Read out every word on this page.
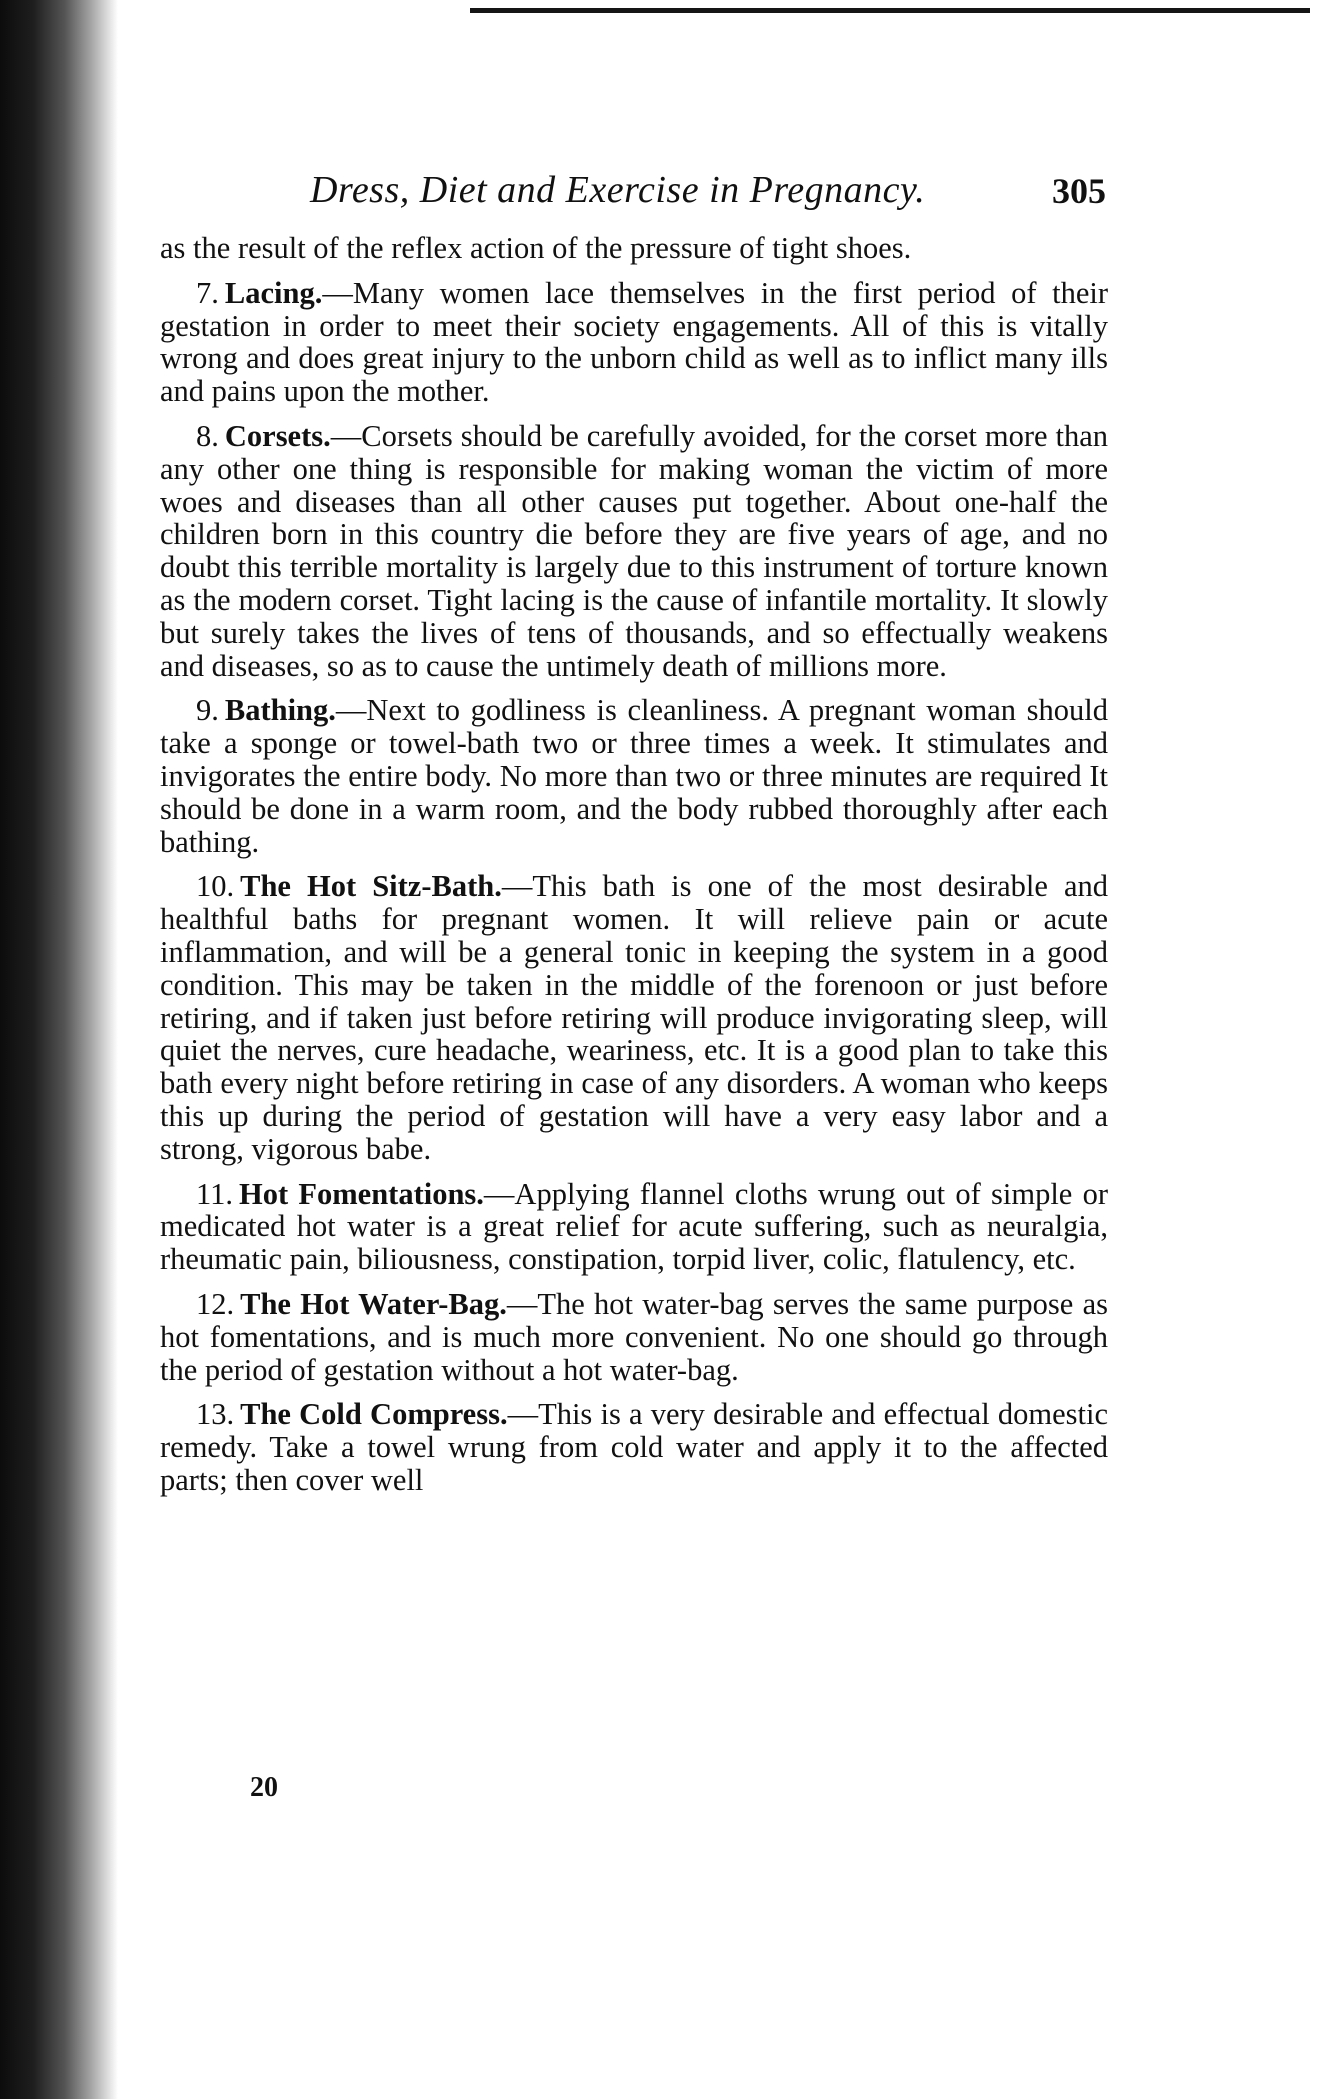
Dress, Diet and Exercise in Pregnancy.	305

as the result of the reflex action of the pressure of tight shoes.

7. Lacing.—Many women lace themselves in the first period of their gestation in order to meet their society engagements. All of this is vitally wrong and does great injury to the unborn child as well as to inflict many ills and pains upon the mother.

8. Corsets.—Corsets should be carefully avoided, for the corset more than any other one thing is responsible for making woman the victim of more woes and diseases than all other causes put together. About one-half the children born in this country die before they are five years of age, and no doubt this terrible mortality is largely due to this instrument of torture known as the modern corset. Tight lacing is the cause of infantile mortality. It slowly but surely takes the lives of tens of thousands, and so effectually weakens and diseases, so as to cause the untimely death of millions more.

9. Bathing.—Next to godliness is cleanliness. A pregnant woman should take a sponge or towel-bath two or three times a week. It stimulates and invigorates the entire body. No more than two or three minutes are required It should be done in a warm room, and the body rubbed thoroughly after each bathing.

10. The Hot Sitz-Bath.—This bath is one of the most desirable and healthful baths for pregnant women. It will relieve pain or acute inflammation, and will be a general tonic in keeping the system in a good condition. This may be taken in the middle of the forenoon or just before retiring, and if taken just before retiring will produce invigorating sleep, will quiet the nerves, cure headache, weariness, etc. It is a good plan to take this bath every night before retiring in case of any disorders. A woman who keeps this up during the period of gestation will have a very easy labor and a strong, vigorous babe.

11. Hot Fomentations.—Applying flannel cloths wrung out of simple or medicated hot water is a great relief for acute suffering, such as neuralgia, rheumatic pain, biliousness, constipation, torpid liver, colic, flatulency, etc.

12. The Hot Water-Bag.—The hot water-bag serves the same purpose as hot fomentations, and is much more convenient. No one should go through the period of gestation without a hot water-bag.

13. The Cold Compress.—This is a very desirable and effectual domestic remedy. Take a towel wrung from cold water and apply it to the affected parts; then cover well

20
